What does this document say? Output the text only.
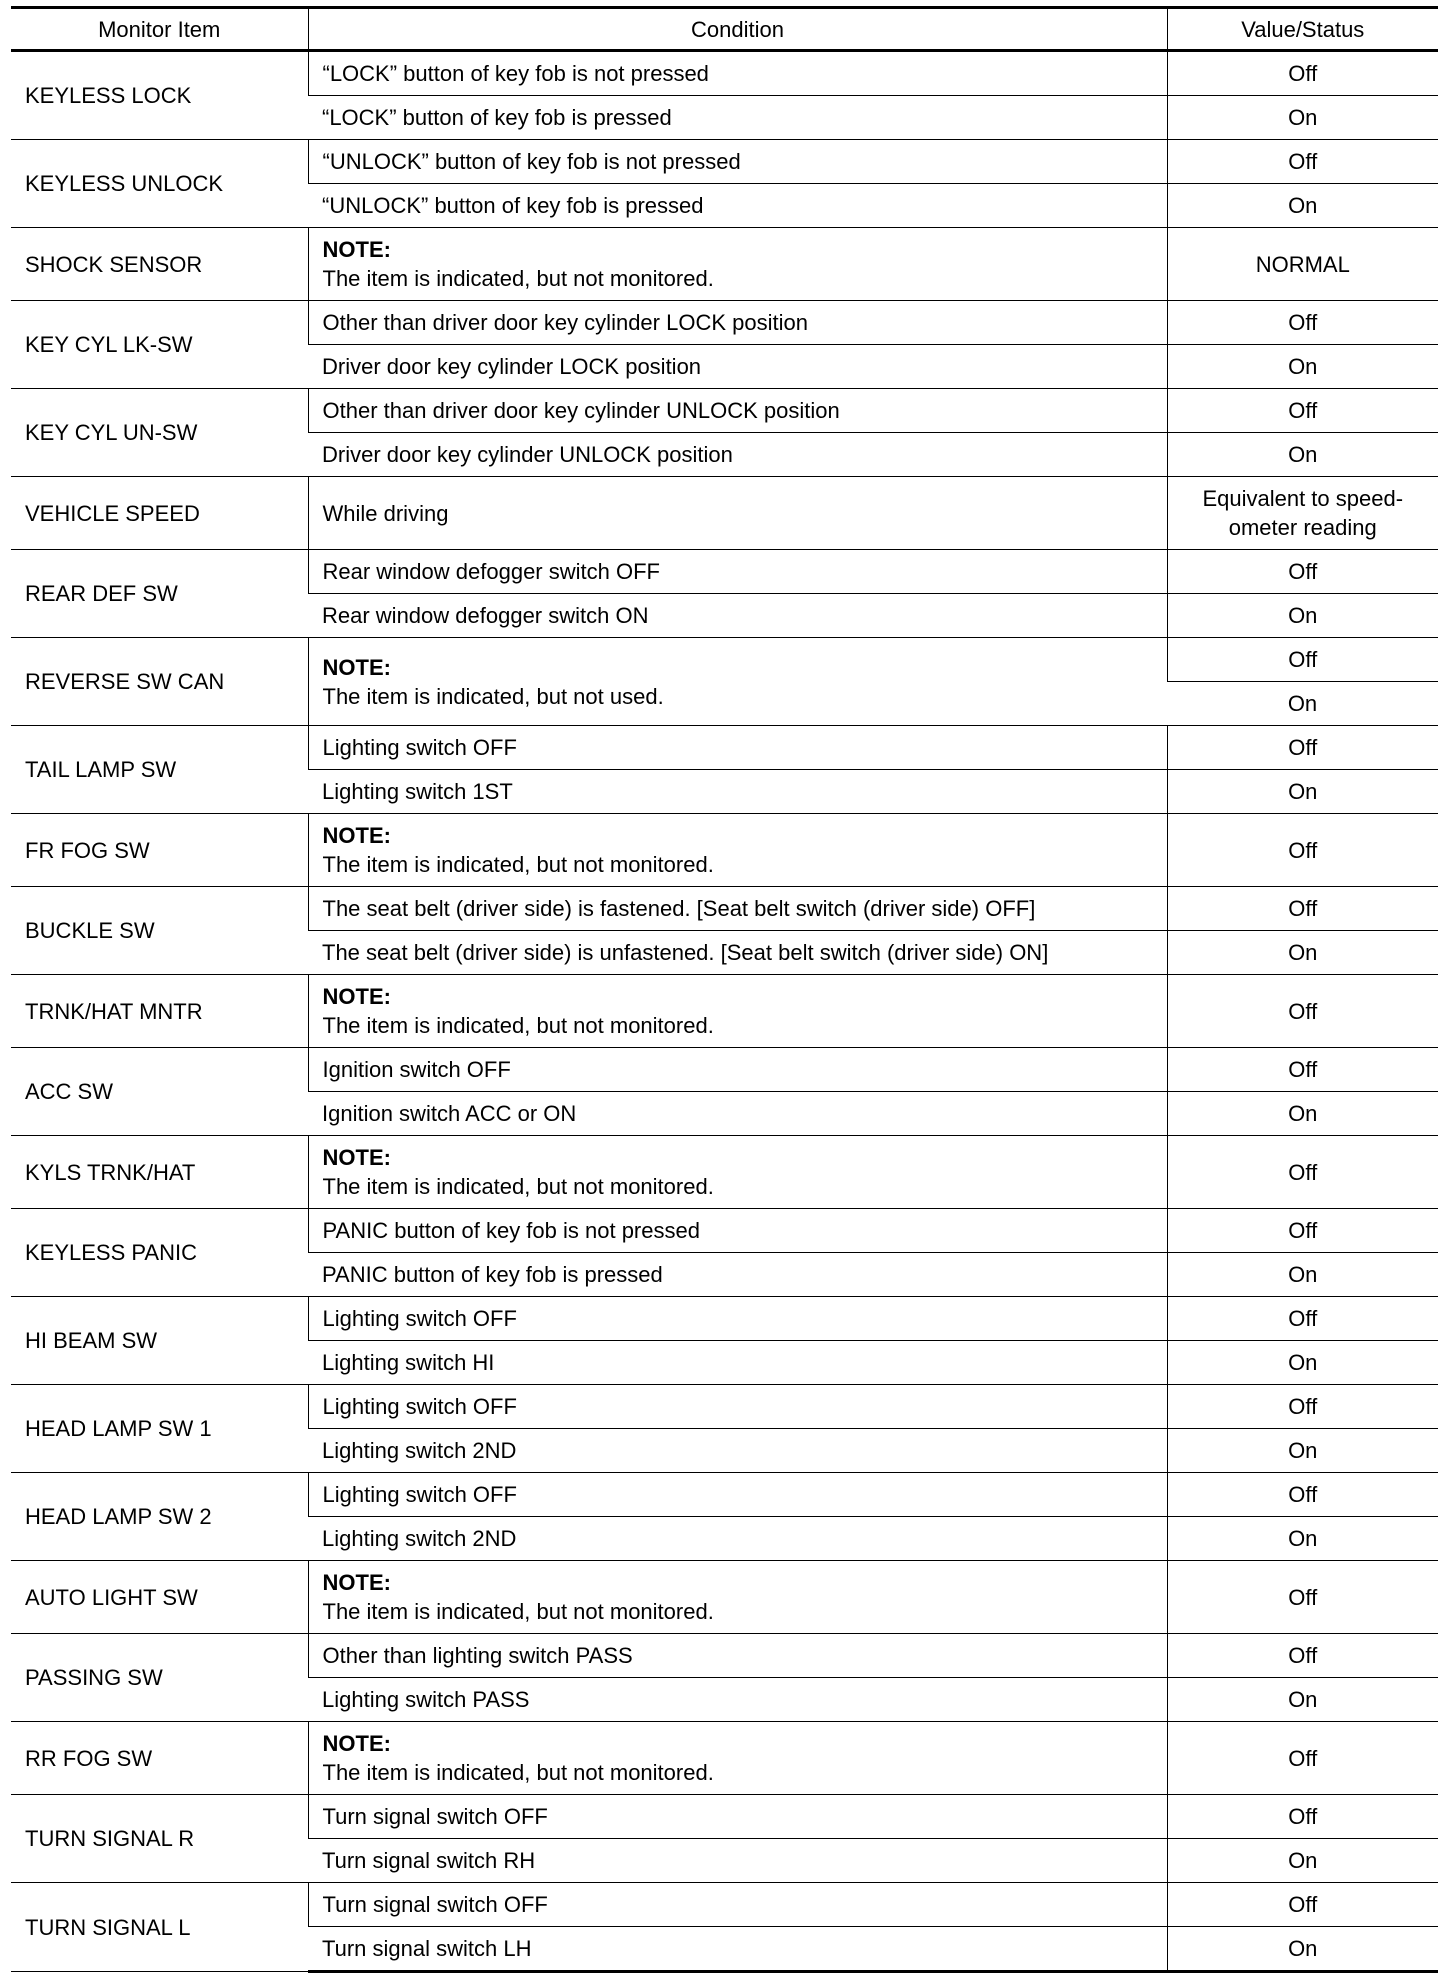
Monitor Item	Condition	Value/Status
KEYLESS LOCK	“LOCK” button of key fob is not pressed	Off
	“LOCK” button of key fob is pressed	On
KEYLESS UNLOCK	“UNLOCK” button of key fob is not pressed	Off
	“UNLOCK” button of key fob is pressed	On
SHOCK SENSOR	NOTE:
The item is indicated, but not monitored.	NORMAL
KEY CYL LK-SW	Other than driver door key cylinder LOCK position	Off
	Driver door key cylinder LOCK position	On
KEY CYL UN-SW	Other than driver door key cylinder UNLOCK position	Off
	Driver door key cylinder UNLOCK position	On
VEHICLE SPEED	While driving	Equivalent to speed-ometer reading
REAR DEF SW	Rear window defogger switch OFF	Off
	Rear window defogger switch ON	On
REVERSE SW CAN	NOTE:
The item is indicated, but not used.	Off
		On
TAIL LAMP SW	Lighting switch OFF	Off
	Lighting switch 1ST	On
FR FOG SW	NOTE:
The item is indicated, but not monitored.	Off
BUCKLE SW	The seat belt (driver side) is fastened. [Seat belt switch (driver side) OFF]	Off
	The seat belt (driver side) is unfastened. [Seat belt switch (driver side) ON]	On
TRNK/HAT MNTR	NOTE:
The item is indicated, but not monitored.	Off
ACC SW	Ignition switch OFF	Off
	Ignition switch ACC or ON	On
KYLS TRNK/HAT	NOTE:
The item is indicated, but not monitored.	Off
KEYLESS PANIC	PANIC button of key fob is not pressed	Off
	PANIC button of key fob is pressed	On
HI BEAM SW	Lighting switch OFF	Off
	Lighting switch HI	On
HEAD LAMP SW 1	Lighting switch OFF	Off
	Lighting switch 2ND	On
HEAD LAMP SW 2	Lighting switch OFF	Off
	Lighting switch 2ND	On
AUTO LIGHT SW	NOTE:
The item is indicated, but not monitored.	Off
PASSING SW	Other than lighting switch PASS	Off
	Lighting switch PASS	On
RR FOG SW	NOTE:
The item is indicated, but not monitored.	Off
TURN SIGNAL R	Turn signal switch OFF	Off
	Turn signal switch RH	On
TURN SIGNAL L	Turn signal switch OFF	Off
	Turn signal switch LH	On
